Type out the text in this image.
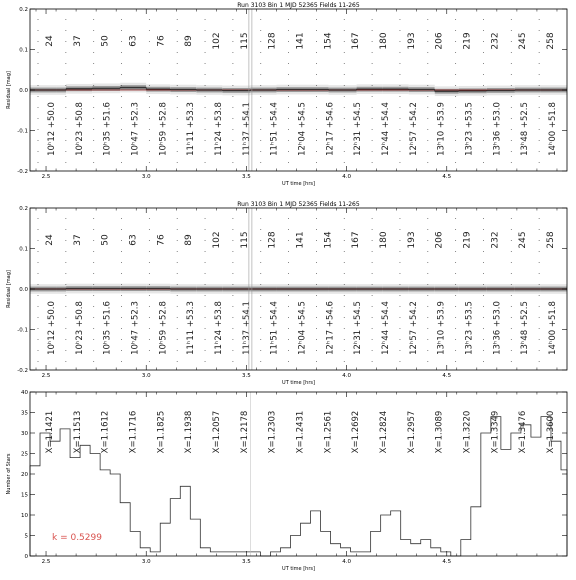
Run 3103 Bin 1 MJD 52365 Fields 11-265
24
10ʰ12 +50.0
37
10ʰ23 +50.8
50
10ʰ35 +51.6
63
10ʰ47 +52.3
76
10ʰ59 +52.8
89
11ʰ11 +53.3
102
11ʰ24 +53.8
115
11ʰ37 +54.1
128
11ʰ51 +54.4
141
12ʰ04 +54.5
154
12ʰ17 +54.6
167
12ʰ31 +54.5
180
12ʰ44 +54.4
193
12ʰ57 +54.2
206
13ʰ10 +53.9
219
13ʰ23 +53.5
232
13ʰ36 +53.0
245
13ʰ48 +52.5
258
14ʰ00 +51.8
2.5	3.0	3.5	4.0	4.5
-0.2
-0.1
0.0
0.1
0.2
Residual [mag]
UT time [hrs]
Run 3103 Bin 1 MJD 52365 Fields 11-265
24
10ʰ12 +50.0
37
10ʰ23 +50.8
50
10ʰ35 +51.6
63
10ʰ47 +52.3
76
10ʰ59 +52.8
89
11ʰ11 +53.3
102
11ʰ24 +53.8
115
11ʰ37 +54.1
128
11ʰ51 +54.4
141
12ʰ04 +54.5
154
12ʰ17 +54.6
167
12ʰ31 +54.5
180
12ʰ44 +54.4
193
12ʰ57 +54.2
206
13ʰ10 +53.9
219
13ʰ23 +53.5
232
13ʰ36 +53.0
245
13ʰ48 +52.5
258
14ʰ00 +51.8
2.5	3.0	3.5	4.0	4.5
-0.2
-0.1
0.0
0.1
0.2
Residual [mag]
UT time [hrs]
X=1.1421 X=1.1513 X=1.1612 X=1.1716 X=1.1825 X=1.1938 X=1.2057 X=1.2178 X=1.2303 X=1.2431 X=1.2561 X=1.2692 X=1.2824 X=1.2957 X=1.3089 X=1.3220 X=1.3349 X=1.3476 X=1.3600
k = 0.5299
2.5	3.0	3.5	4.0	4.5
0
5
10
15
20
25
30
35
40
Number of Stars
UT time [hrs]
